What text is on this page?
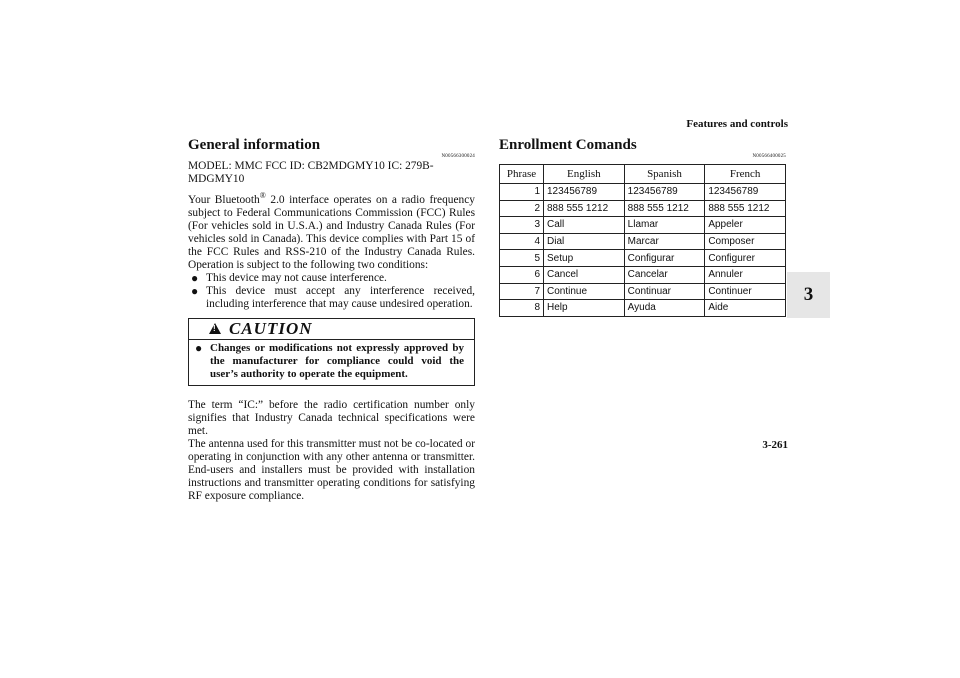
Features and controls
3
3-261
General information
N00566300024

MODEL: MMC FCC ID: CB2MDGMY10 IC: 279B-MDGMY10

Your Bluetooth® 2.0 interface operates on a radio frequency subject to Federal Communications Commission (FCC) Rules (For vehicles sold in U.S.A.) and Industry Canada Rules (For vehicles sold in Canada). This device complies with Part 15 of the FCC Rules and RSS-210 of the Industry Canada Rules. Operation is subject to the following two conditions:

● This device may not cause interference.
● This device must accept any interference received, including interference that may cause undesired operation.
!
CAUTION
● Changes or modifications not expressly approved by the manufacturer for compliance could void the user’s authority to operate the equipment.

The term “IC:” before the radio certification number only signifies that Industry Canada technical specifications were met.

The antenna used for this transmitter must not be co-located or operating in conjunction with any other antenna or transmitter. End-users and installers must be provided with installation instructions and transmitter operating conditions for satisfying RF exposure compliance.

Enrollment Comands
N00566400025
Phrase	English	Spanish	French
1	123456789	123456789	123456789
2	888 555 1212	888 555 1212	888 555 1212
3	Call	Llamar	Appeler
4	Dial	Marcar	Composer
5	Setup	Configurar	Configurer
6	Cancel	Cancelar	Annuler
7	Continue	Continuar	Continuer
8	Help	Ayuda	Aide
